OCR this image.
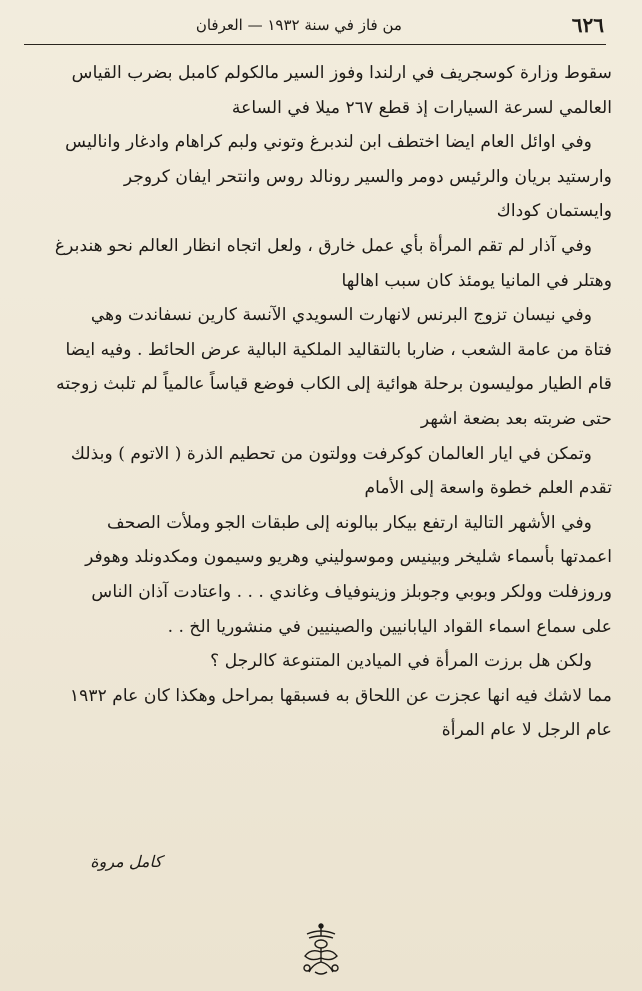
٦٢٦
من فاز في سنة ١٩٣٢ — العرفان
سقوط وزارة كوسجريف في ارلندا وفوز السير مالكولم كامبل بضرب القياس
العالمي لسرعة السيارات إذ قطع ٢٦٧ ميلا في الساعة
وفي اوائل العام ايضا اختطف ابن لندبرغ وتوني ولبم كراهام وادغار واناليس
وارستيد بريان والرئيس دومر والسير رونالد روس وانتحر ايفان كروجر
وايستمان كوداك
وفي آذار لم تقم المرأة بأي عمل خارق ، ولعل اتجاه انظار العالم نحو هندبرغ
وهتلر في المانيا يومئذ كان سبب اهالها
وفي نيسان تزوج البرنس لانهارت السويدي الآنسة كارين نسفاندت وهي
فتاة من عامة الشعب ، ضاربا بالتقاليد الملكية البالية عرض الحائط . وفيه ايضا
قام الطيار موليسون برحلة هوائية إلى الكاب فوضع قياساً عالمياً لم تلبث زوجته
حتى ضربته بعد بضعة اشهر
وتمكن في ايار العالمان كوكرفت وولتون من تحطيم الذرة ( الاتوم ) وبذلك
تقدم العلم خطوة واسعة إلى الأمام
وفي الأشهر التالية ارتفع بيكار ببالونه إلى طبقات الجو وملأت الصحف
اعمدتها بأسماء شليخر وبينيس وموسوليني وهريو وسيمون ومكدونلد وهوفر
وروزفلت وولكر وبوبي وجوبلز وزينوفياف وغاندي . . . واعتادت آذان الناس
على سماع اسماء القواد اليابانيين والصينيين في منشوريا الخ . .
ولكن هل برزت المرأة في الميادين المتنوعة كالرجل ؟
مما لاشك فيه انها عجزت عن اللحاق به فسبقها بمراحل وهكذا كان عام ١٩٣٢
عام الرجل لا عام المرأة
كامل مروة
